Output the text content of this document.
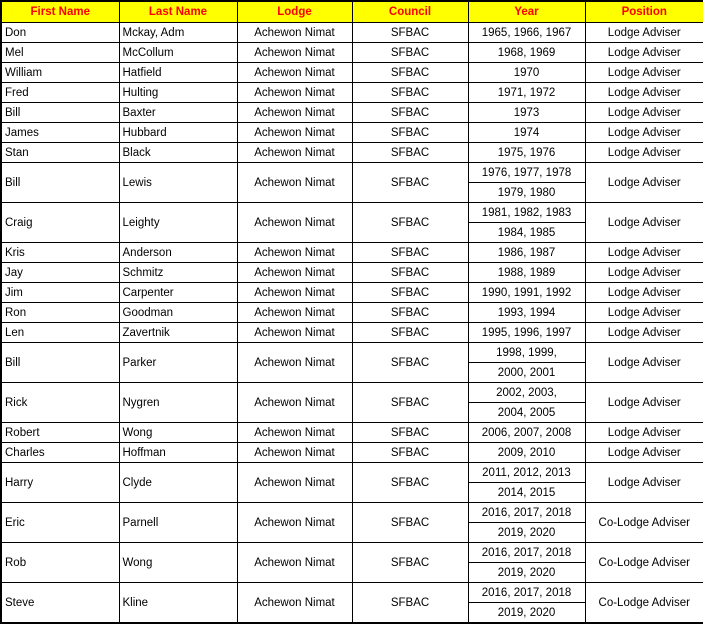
First Name	Last Name	Lodge	Council	Year	Position
Don	Mckay, Adm	Achewon Nimat	SFBAC	1965, 1966, 1967	Lodge Adviser
Mel	McCollum	Achewon Nimat	SFBAC	1968, 1969	Lodge Adviser
William	Hatfield	Achewon Nimat	SFBAC	1970	Lodge Adviser
Fred	Hulting	Achewon Nimat	SFBAC	1971, 1972	Lodge Adviser
Bill	Baxter	Achewon Nimat	SFBAC	1973	Lodge Adviser
James	Hubbard	Achewon Nimat	SFBAC	1974	Lodge Adviser
Stan	Black	Achewon Nimat	SFBAC	1975, 1976	Lodge Adviser
Bill	Lewis	Achewon Nimat	SFBAC	1976, 1977, 1978	Lodge Adviser
				1979, 1980	
Craig	Leighty	Achewon Nimat	SFBAC	1981, 1982, 1983	Lodge Adviser
				1984, 1985	
Kris	Anderson	Achewon Nimat	SFBAC	1986, 1987	Lodge Adviser
Jay	Schmitz	Achewon Nimat	SFBAC	1988, 1989	Lodge Adviser
Jim	Carpenter	Achewon Nimat	SFBAC	1990, 1991, 1992	Lodge Adviser
Ron	Goodman	Achewon Nimat	SFBAC	1993, 1994	Lodge Adviser
Len	Zavertnik	Achewon Nimat	SFBAC	1995, 1996, 1997	Lodge Adviser
Bill	Parker	Achewon Nimat	SFBAC	1998, 1999,	Lodge Adviser
				2000, 2001	
Rick	Nygren	Achewon Nimat	SFBAC	2002, 2003,	Lodge Adviser
				2004, 2005	
Robert	Wong	Achewon Nimat	SFBAC	2006, 2007, 2008	Lodge Adviser
Charles	Hoffman	Achewon Nimat	SFBAC	2009, 2010	Lodge Adviser
Harry	Clyde	Achewon Nimat	SFBAC	2011, 2012, 2013	Lodge Adviser
				2014, 2015	
Eric	Parnell	Achewon Nimat	SFBAC	2016, 2017, 2018	Co-Lodge Adviser
				2019, 2020	
Rob	Wong	Achewon Nimat	SFBAC	2016, 2017, 2018	Co-Lodge Adviser
				2019, 2020	
Steve	Kline	Achewon Nimat	SFBAC	2016, 2017, 2018	Co-Lodge Adviser
				2019, 2020	
